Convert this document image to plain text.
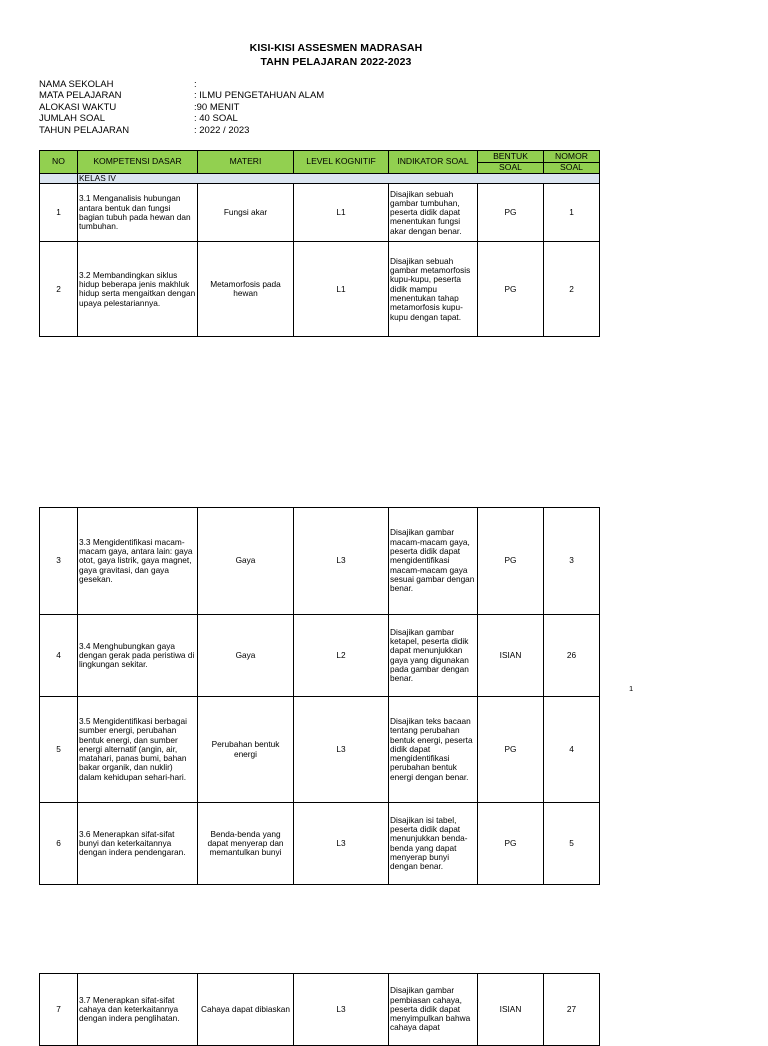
KISI-KISI ASSESMEN MADRASAH
TAHN PELAJARAN 2022-2023
NAMA SEKOLAH	:
MATA PELAJARAN	: ILMU PENGETAHUAN ALAM
ALOKASI WAKTU	:90 MENIT
JUMLAH SOAL	: 40 SOAL
TAHUN PELAJARAN	: 2022 / 2023
NO	KOMPETENSI DASAR	MATERI	LEVEL KOGNITIF	INDIKATOR SOAL	BENTUK	NOMOR
					SOAL	SOAL
	KELAS IV					
1	3.1 Menganalisis hubungan antara bentuk dan fungsi bagian tubuh pada hewan dan tumbuhan.	Fungsi akar	L1	Disajikan sebuah gambar tumbuhan, peserta didik dapat menentukan fungsi akar dengan benar.	PG	1
2	3.2 Membandingkan siklus hidup beberapa jenis makhluk hidup serta mengaitkan dengan upaya pelestariannya.	Metamorfosis pada hewan	L1	Disajikan sebuah gambar metamorfosis kupu-kupu, peserta didik mampu menentukan tahap metamorfosis kupu-kupu dengan tapat.	PG	2
3	3.3 Mengidentifikasi macam-macam gaya, antara lain: gaya otot, gaya listrik, gaya magnet, gaya gravitasi, dan gaya gesekan.	Gaya	L3	Disajikan gambar macam-macam gaya, peserta didik dapat mengidentifikasi macam-macam gaya sesuai gambar dengan benar.	PG	3
4	3.4 Menghubungkan gaya dengan gerak pada peristiwa di lingkungan sekitar.	Gaya	L2	Disajikan gambar ketapel, peserta didik dapat menunjukkan gaya yang digunakan pada gambar dengan benar.	ISIAN	26
5	3.5 Mengidentifikasi berbagai sumber energi, perubahan bentuk energi, dan sumber energi alternatif (angin, air, matahari, panas bumi, bahan bakar organik, dan nuklir) dalam kehidupan sehari-hari.	Perubahan bentuk energi	L3	Disajikan teks bacaan tentang perubahan bentuk energi, peserta didik dapat mengidentifikasi perubahan bentuk energi dengan benar.	PG	4
6	3.6 Menerapkan sifat-sifat bunyi dan keterkaitannya dengan indera pendengaran.	Benda-benda yang dapat menyerap dan memantulkan bunyi	L3	Disajikan isi tabel, peserta didik dapat menunjukkan benda-benda yang dapat menyerap bunyi dengan benar.	PG	5
7	3.7 Menerapkan sifat-sifat cahaya dan keterkaitannya dengan indera penglihatan.	Cahaya dapat dibiaskan	L3	Disajikan gambar pembiasan cahaya, peserta didik dapat menyimpulkan bahwa cahaya dapat	ISIAN	27
1
